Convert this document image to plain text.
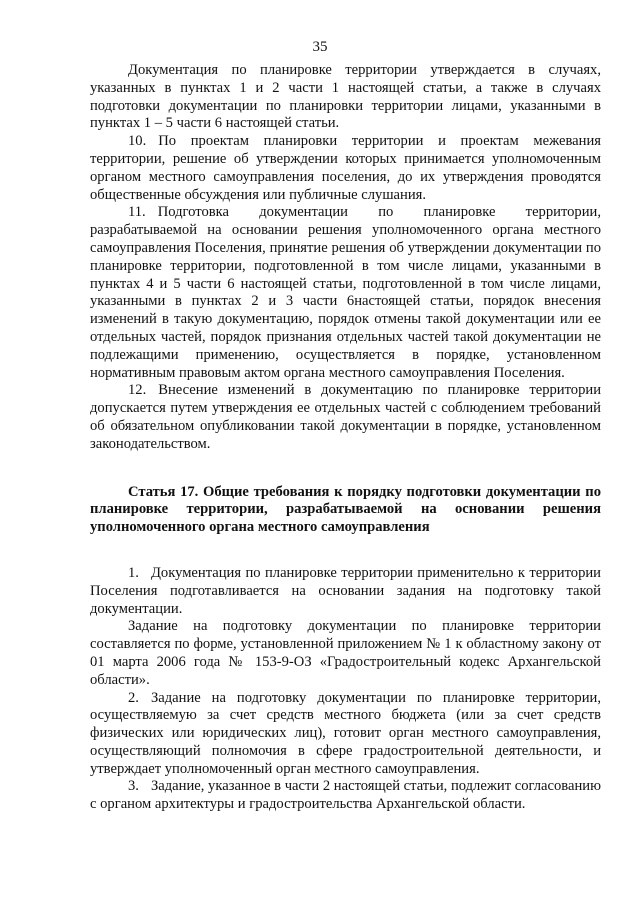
35

Документация по планировке территории утверждается в случаях, указанных в пунктах 1 и 2 части 1 настоящей статьи, а также в случаях подготовки документации по планировки территории лицами, указанными в пунктах 1 – 5 части 6 настоящей статьи.

10. По проектам планировки территории и проектам межевания территории, решение об утверждении которых принимается уполномоченным органом местного самоуправления поселения, до их утверждения проводятся общественные обсуждения или публичные слушания.

11. Подготовка документации по планировке территории, разрабатываемой на основании решения уполномоченного органа местного самоуправления Поселения, принятие решения об утверждении документации по планировке территории, подготовленной в том числе лицами, указанными в пунктах 4 и 5 части 6 настоящей статьи, подготовленной в том числе лицами, указанными в пунктах 2 и 3 части 6настоящей статьи, порядок внесения изменений в такую документацию, порядок отмены такой документации или ее отдельных частей, порядок признания отдельных частей такой документации не подлежащими применению, осуществляется в порядке, установленном нормативным правовым актом органа местного самоуправления Поселения.

12. Внесение изменений в документацию по планировке территории допускается путем утверждения ее отдельных частей с соблюдением требований об обязательном опубликовании такой документации в порядке, установленном законодательством.

Статья 17. Общие требования к порядку подготовки документации по планировке территории, разрабатываемой на основании решения уполномоченного органа местного самоуправления

1. Документация по планировке территории применительно к территории Поселения подготавливается на основании задания на подготовку такой документации.

Задание на подготовку документации по планировке территории составляется по форме, установленной приложением № 1 к областному закону от 01 марта 2006 года № 153-9-ОЗ «Градостроительный кодекс Архангельской области».

2. Задание на подготовку документации по планировке территории, осуществляемую за счет средств местного бюджета (или за счет средств физических или юридических лиц), готовит орган местного самоуправления, осуществляющий полномочия в сфере градостроительной деятельности, и утверждает уполномоченный орган местного самоуправления.

3. Задание, указанное в части 2 настоящей статьи, подлежит согласованию с органом архитектуры и градостроительства Архангельской области.
